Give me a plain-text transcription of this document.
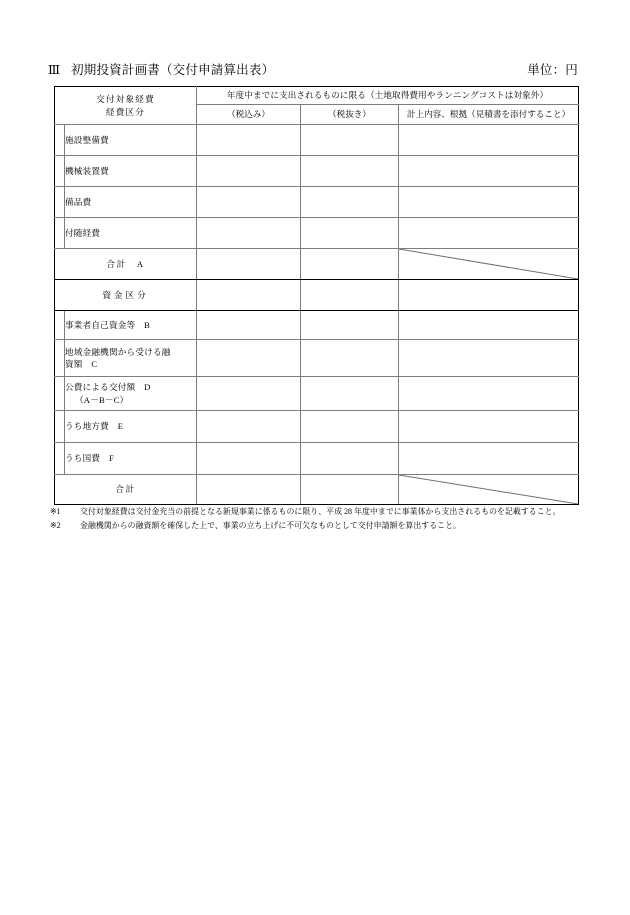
Ⅲ 初期投資計画書（交付申請算出表）	単位：円
交付対象経費
経費区分		年度中までに支出されるものに限る（土地取得費用やランニングコストは対象外）		
		（税込み）	（税抜き）	計上内容、根拠（見積書を添付すること）
	施設整備費			
	機械装置費			
	備品費			
	付随経費			
合計　A			

資金区分				
	事業者自己資金等　B			

	地域金融機関から受ける融
資額　C			

	公費による交付額　D
（A－B－C）			

	うち地方費　E			
	うち国費　F			
合計			
※1 交付対象経費は交付金充当の前提となる新規事業に係るものに限り、平成 28 年度中までに事業体から支出されるものを記載すること。
※2 金融機関からの融資額を確保した上で、事業の立ち上げに不可欠なものとして交付申請額を算出すること。
